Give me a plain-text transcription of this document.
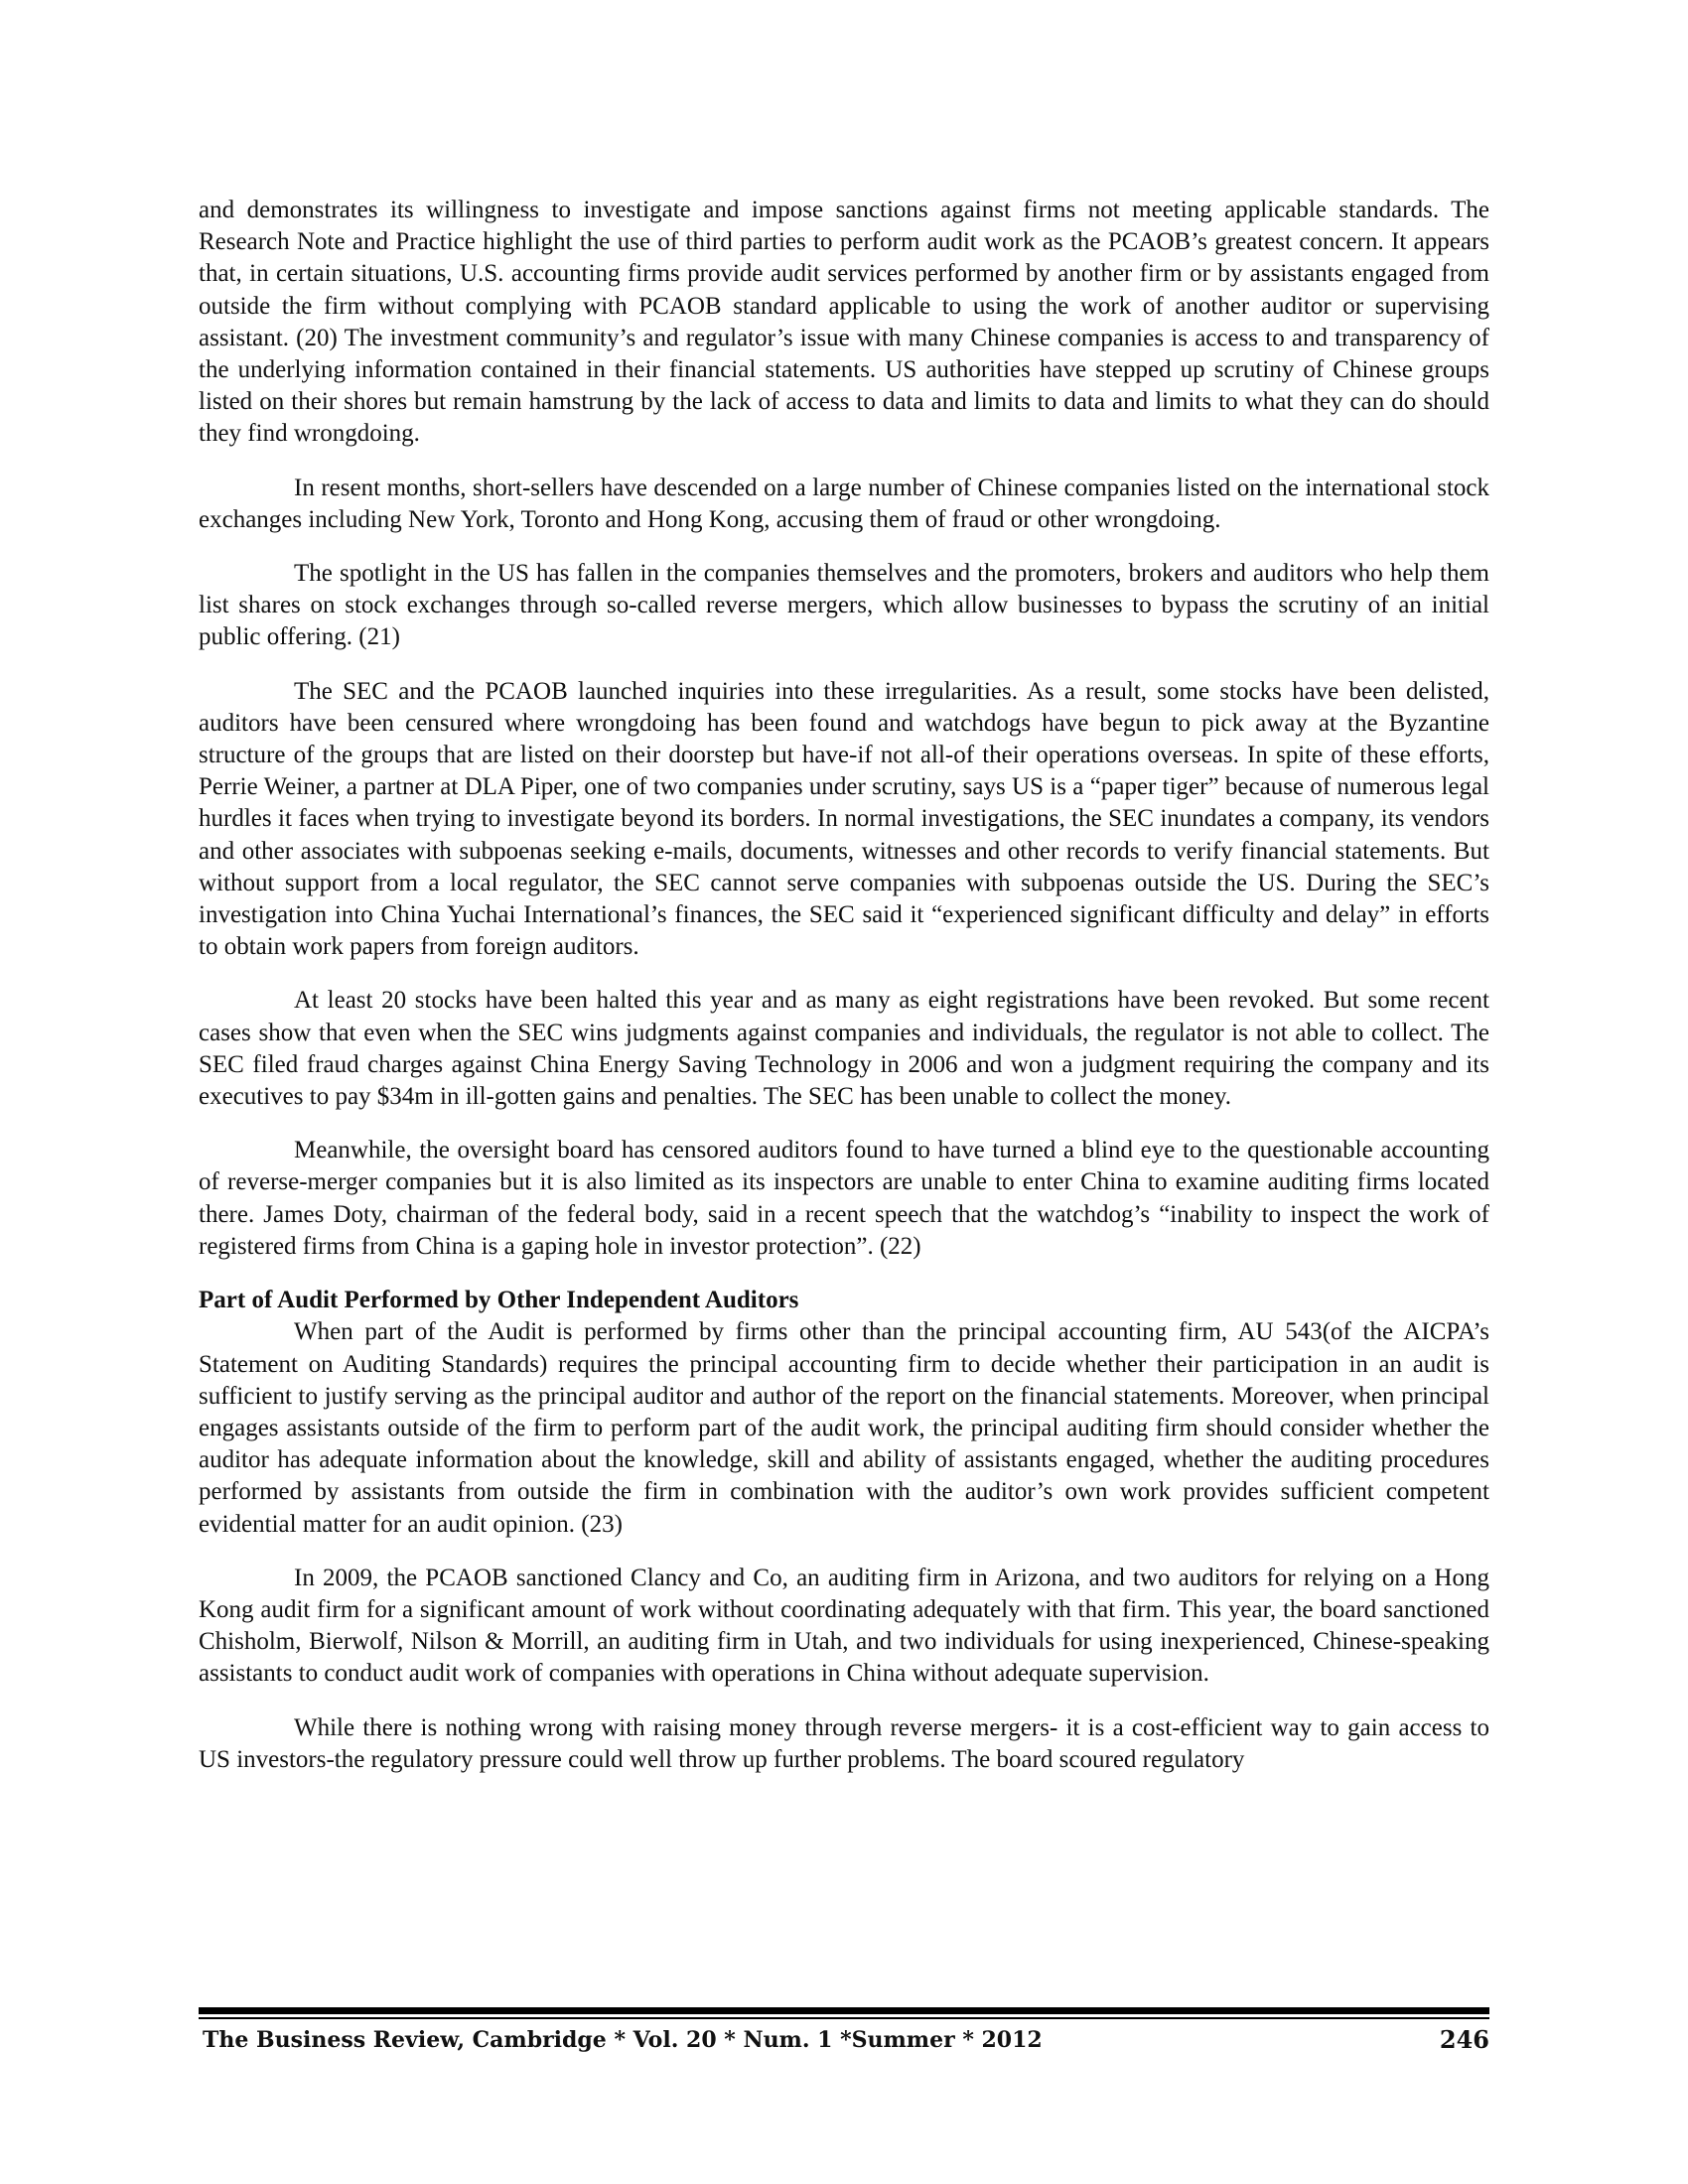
and demonstrates its willingness to investigate and impose sanctions against firms not meeting applicable standards. The Research Note and Practice highlight the use of third parties to perform audit work as the PCAOB’s greatest concern. It appears that, in certain situations, U.S. accounting firms provide audit services performed by another firm or by assistants engaged from outside the firm without complying with PCAOB standard applicable to using the work of another auditor or supervising assistant. (20) The investment community’s and regulator’s issue with many Chinese companies is access to and transparency of the underlying information contained in their financial statements. US authorities have stepped up scrutiny of Chinese groups listed on their shores but remain hamstrung by the lack of access to data and limits to data and limits to what they can do should they find wrongdoing.

In resent months, short-sellers have descended on a large number of Chinese companies listed on the international stock exchanges including New York, Toronto and Hong Kong, accusing them of fraud or other wrongdoing.

The spotlight in the US has fallen in the companies themselves and the promoters, brokers and auditors who help them list shares on stock exchanges through so-called reverse mergers, which allow businesses to bypass the scrutiny of an initial public offering. (21)

The SEC and the PCAOB launched inquiries into these irregularities. As a result, some stocks have been delisted, auditors have been censured where wrongdoing has been found and watchdogs have begun to pick away at the Byzantine structure of the groups that are listed on their doorstep but have-if not all-of their operations overseas. In spite of these efforts, Perrie Weiner, a partner at DLA Piper, one of two companies under scrutiny, says US is a “paper tiger” because of numerous legal hurdles it faces when trying to investigate beyond its borders. In normal investigations, the SEC inundates a company, its vendors and other associates with subpoenas seeking e-mails, documents, witnesses and other records to verify financial statements. But without support from a local regulator, the SEC cannot serve companies with subpoenas outside the US. During the SEC’s investigation into China Yuchai International’s finances, the SEC said it “experienced significant difficulty and delay” in efforts to obtain work papers from foreign auditors.

At least 20 stocks have been halted this year and as many as eight registrations have been revoked. But some recent cases show that even when the SEC wins judgments against companies and individuals, the regulator is not able to collect. The SEC filed fraud charges against China Energy Saving Technology in 2006 and won a judgment requiring the company and its executives to pay $34m in ill-gotten gains and penalties. The SEC has been unable to collect the money.

Meanwhile, the oversight board has censored auditors found to have turned a blind eye to the questionable accounting of reverse-merger companies but it is also limited as its inspectors are unable to enter China to examine auditing firms located there. James Doty, chairman of the federal body, said in a recent speech that the watchdog’s “inability to inspect the work of registered firms from China is a gaping hole in investor protection”. (22)

Part of Audit Performed by Other Independent Auditors

When part of the Audit is performed by firms other than the principal accounting firm, AU 543(of the AICPA’s Statement on Auditing Standards) requires the principal accounting firm to decide whether their participation in an audit is sufficient to justify serving as the principal auditor and author of the report on the financial statements. Moreover, when principal engages assistants outside of the firm to perform part of the audit work, the principal auditing firm should consider whether the auditor has adequate information about the knowledge, skill and ability of assistants engaged, whether the auditing procedures performed by assistants from outside the firm in combination with the auditor’s own work provides sufficient competent evidential matter for an audit opinion. (23)

In 2009, the PCAOB sanctioned Clancy and Co, an auditing firm in Arizona, and two auditors for relying on a Hong Kong audit firm for a significant amount of work without coordinating adequately with that firm. This year, the board sanctioned Chisholm, Bierwolf, Nilson & Morrill, an auditing firm in Utah, and two individuals for using inexperienced, Chinese-speaking assistants to conduct audit work of companies with operations in China without adequate supervision.

While there is nothing wrong with raising money through reverse mergers- it is a cost-efficient way to gain access to US investors-the regulatory pressure could well throw up further problems. The board scoured regulatory

The Business Review, Cambridge * Vol. 20 * Num. 1 *Summer * 2012	246
